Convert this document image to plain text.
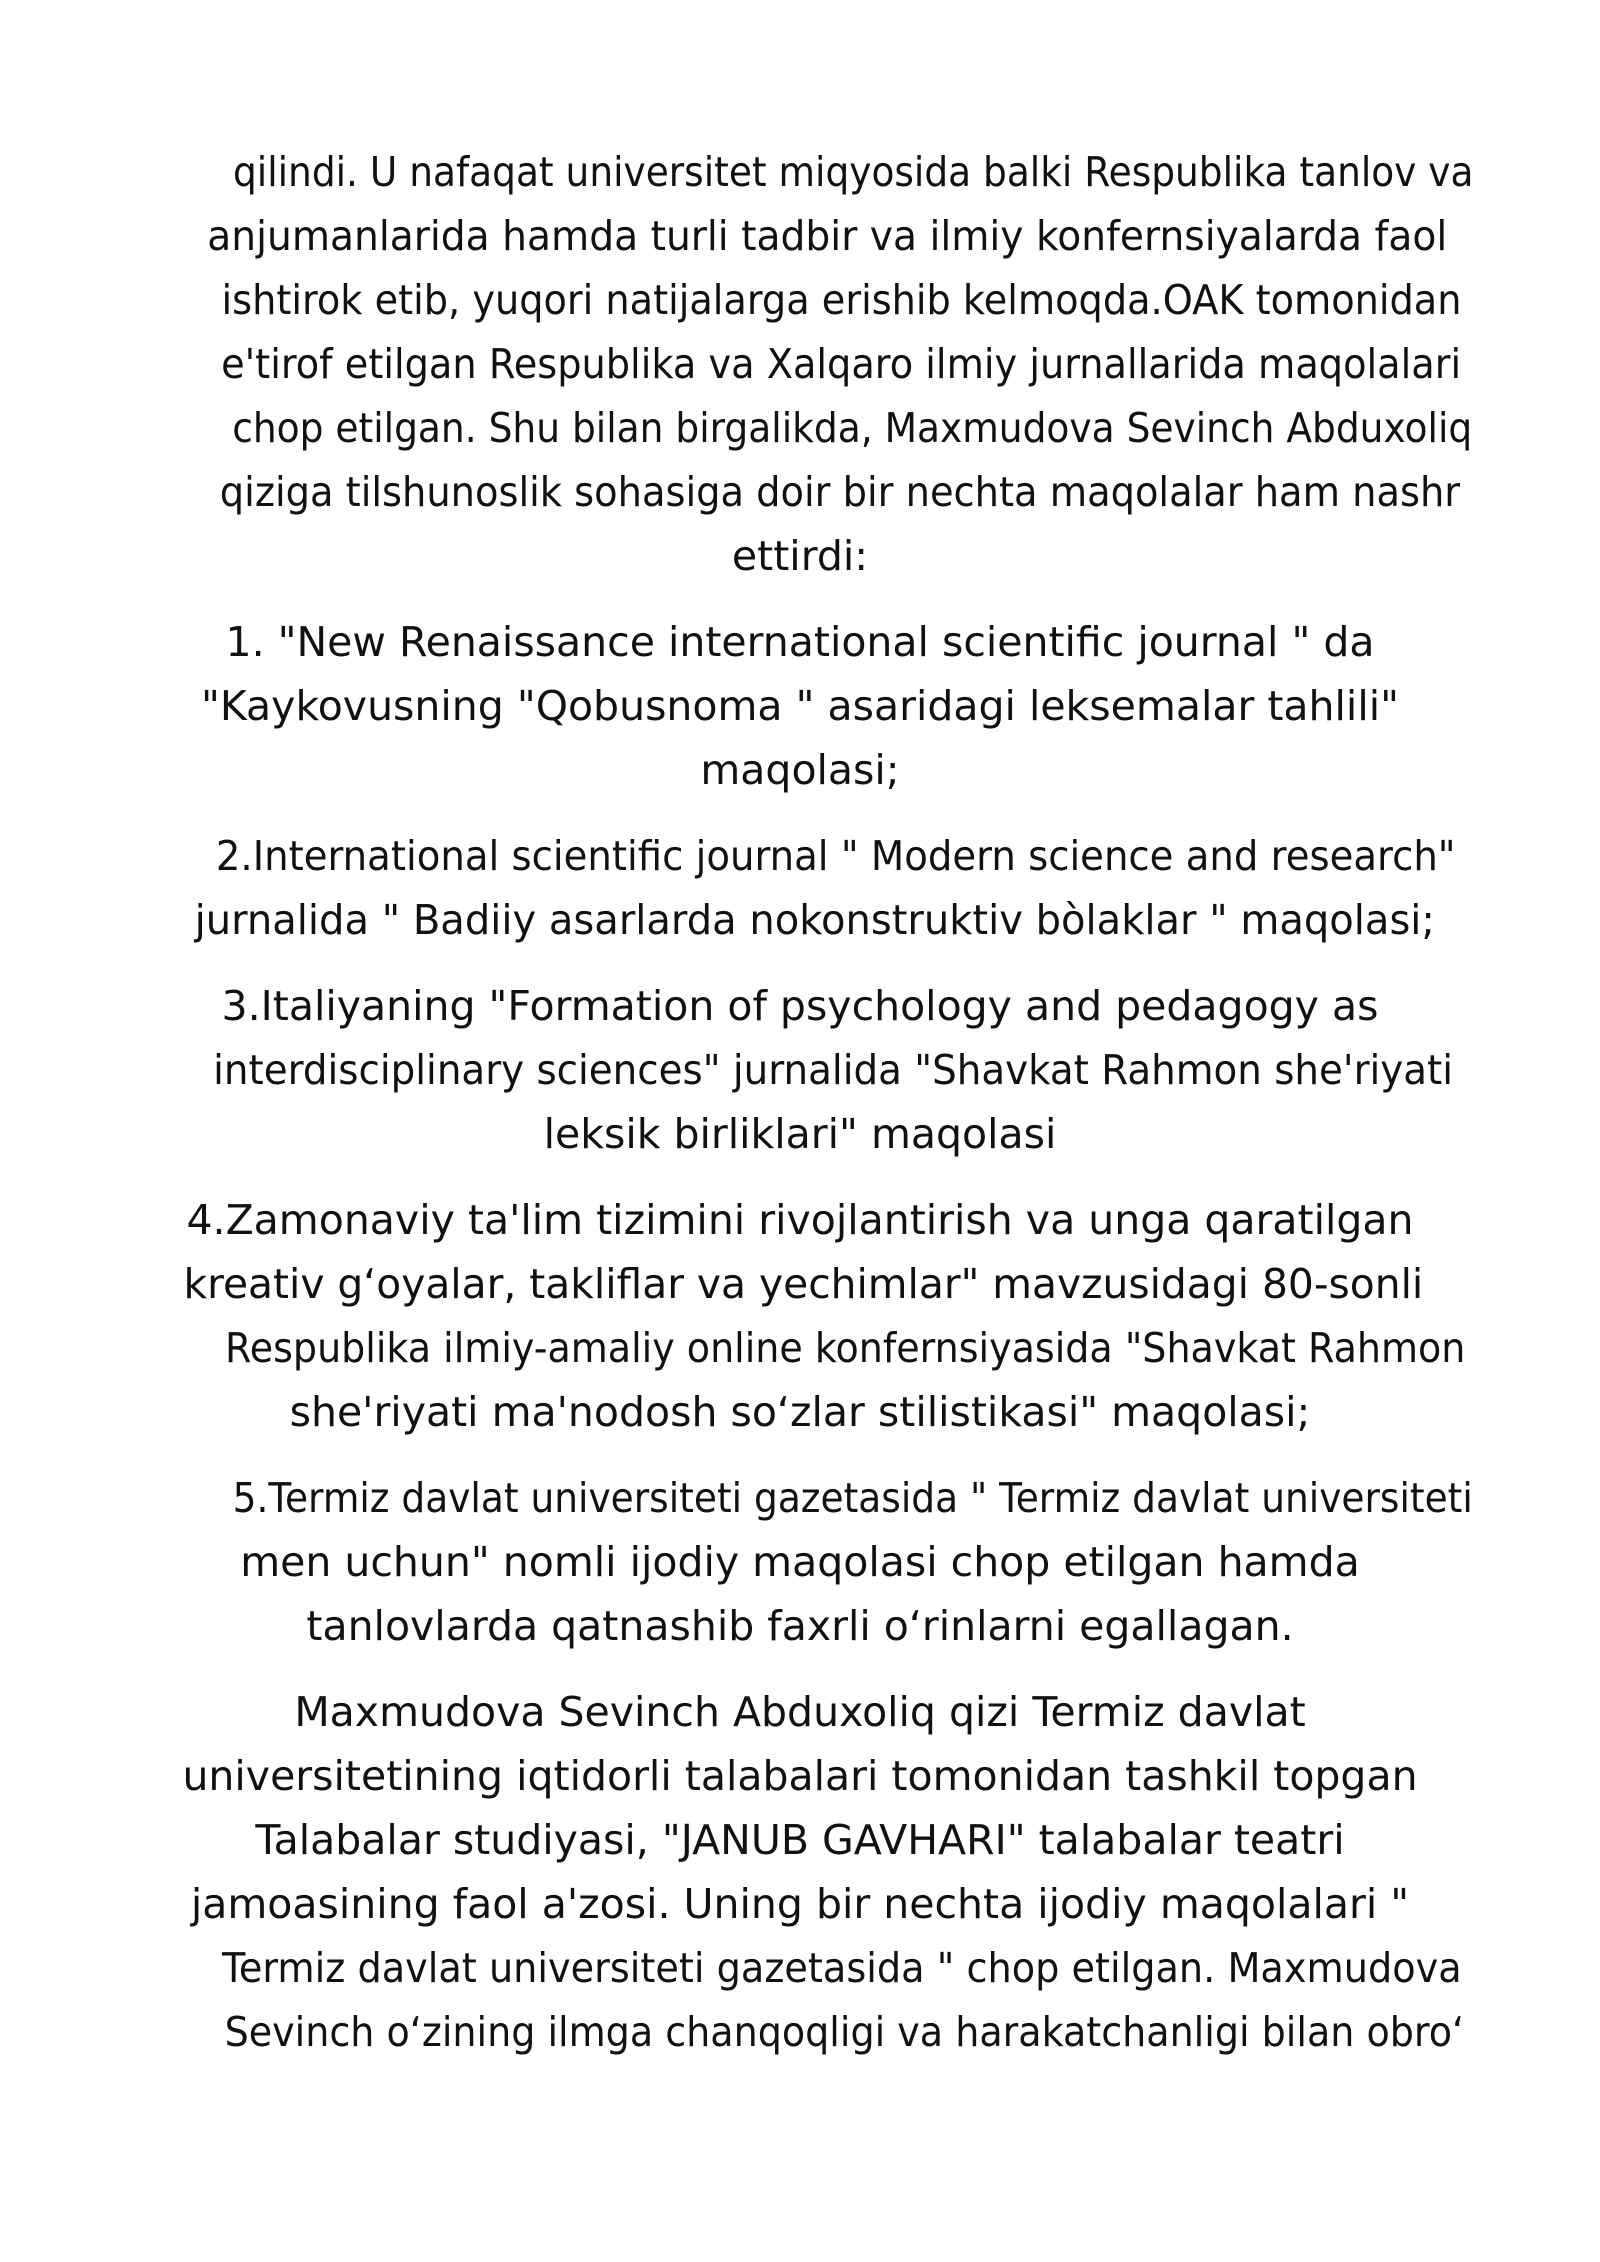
qilindi. U nafaqat universitet miqyosida balki Respublika tanlov va
anjumanlarida hamda turli tadbir va ilmiy konfernsiyalarda faol
ishtirok etib, yuqori natijalarga erishib kelmoqda.OAK tomonidan
e'tirof etilgan Respublika va Xalqaro ilmiy jurnallarida maqolalari
chop etilgan. Shu bilan birgalikda, Maxmudova Sevinch Abduxoliq
qiziga tilshunoslik sohasiga doir bir nechta maqolalar ham nashr
ettirdi:

1. "New Renaissance international scientific journal " da
"Kaykovusning "Qobusnoma " asaridagi leksemalar tahlili"
maqolasi;

2.International scientific journal " Modern science and research"
jurnalida " Badiiy asarlarda nokonstruktiv bòlaklar " maqolasi;

3.Italiyaning "Formation of psychology and pedagogy as
interdisciplinary sciences" jurnalida "Shavkat Rahmon she'riyati
leksik birliklari" maqolasi

4.Zamonaviy ta'lim tizimini rivojlantirish va unga qaratilgan
kreativ g‘oyalar, takliflar va yechimlar" mavzusidagi 80-sonli
Respublika ilmiy-amaliy online konfernsiyasida "Shavkat Rahmon
she'riyati ma'nodosh so‘zlar stilistikasi" maqolasi;

5.Termiz davlat universiteti gazetasida " Termiz davlat universiteti
men uchun" nomli ijodiy maqolasi chop etilgan hamda
tanlovlarda qatnashib faxrli o‘rinlarni egallagan.

Maxmudova Sevinch Abduxoliq qizi Termiz davlat
universitetining iqtidorli talabalari tomonidan tashkil topgan
Talabalar studiyasi, "JANUB GAVHARI" talabalar teatri
jamoasining faol a'zosi. Uning bir nechta ijodiy maqolalari "
Termiz davlat universiteti gazetasida " chop etilgan. Maxmudova
Sevinch o‘zining ilmga chanqoqligi va harakatchanligi bilan obro‘
